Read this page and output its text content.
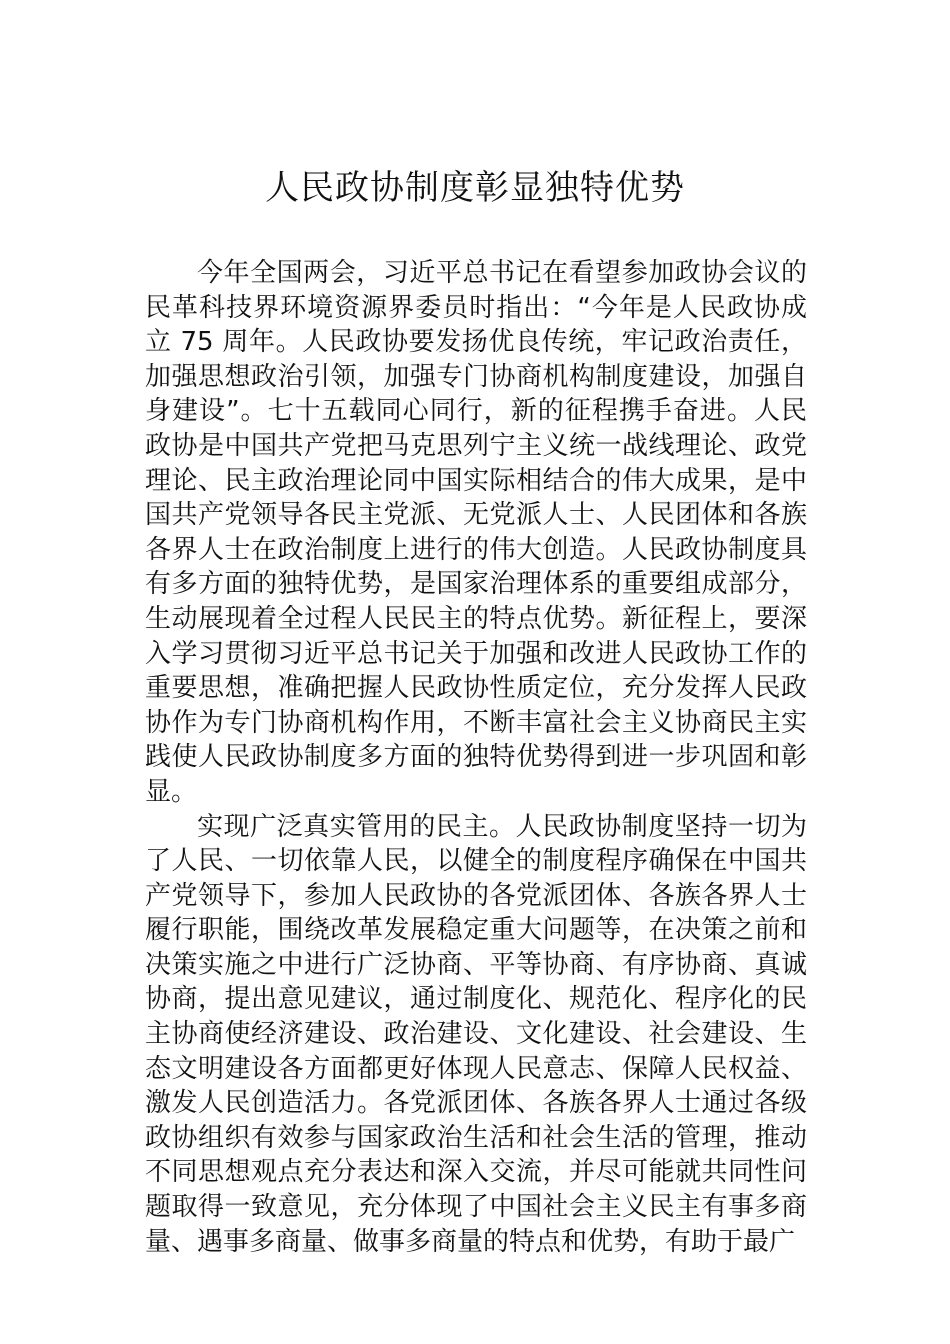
人民政协制度彰显独特优势

今年全国两会，习近平总书记在看望参加政协会议的民革科技界环境资源界委员时指出：“今年是人民政协成立 75 周年。人民政协要发扬优良传统，牢记政治责任，加强思想政治引领，加强专门协商机构制度建设，加强自身建设”。七十五载同心同行，新的征程携手奋进。人民政协是中国共产党把马克思列宁主义统一战线理论、政党理论、民主政治理论同中国实际相结合的伟大成果，是中国共产党领导各民主党派、无党派人士、人民团体和各族各界人士在政治制度上进行的伟大创造。人民政协制度具有多方面的独特优势，是国家治理体系的重要组成部分，生动展现着全过程人民民主的特点优势。新征程上，要深入学习贯彻习近平总书记关于加强和改进人民政协工作的重要思想，准确把握人民政协性质定位，充分发挥人民政协作为专门协商机构作用，不断丰富社会主义协商民主实践使人民政协制度多方面的独特优势得到进一步巩固和彰显。

实现广泛真实管用的民主。人民政协制度坚持一切为了人民、一切依靠人民，以健全的制度程序确保在中国共产党领导下，参加人民政协的各党派团体、各族各界人士履行职能，围绕改革发展稳定重大问题等，在决策之前和决策实施之中进行广泛协商、平等协商、有序协商、真诚协商，提出意见建议，通过制度化、规范化、程序化的民主协商使经济建设、政治建设、文化建设、社会建设、生态文明建设各方面都更好体现人民意志、保障人民权益、激发人民创造活力。各党派团体、各族各界人士通过各级政协组织有效参与国家政治生活和社会生活的管理，推动不同思想观点充分表达和深入交流，并尽可能就共同性问题取得一致意见，充分体现了中国社会主义民主有事多商量、遇事多商量、做事多商量的特点和优势，有助于最广
